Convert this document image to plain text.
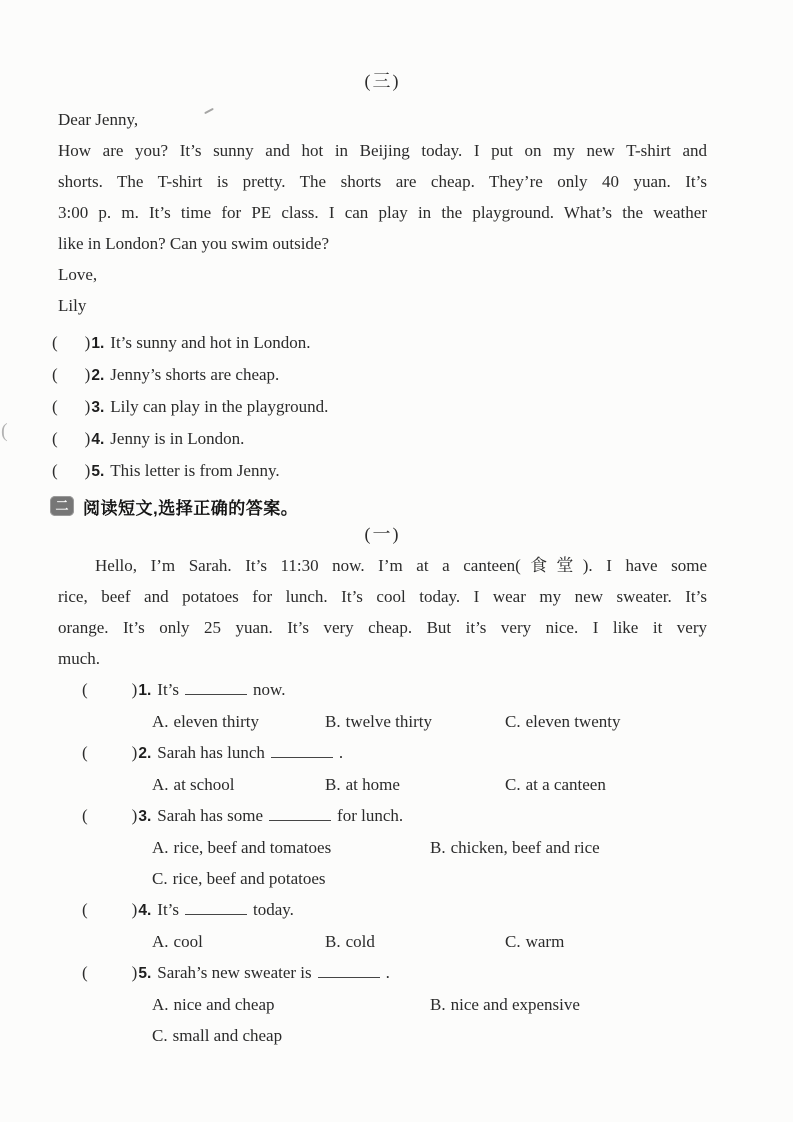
(
(三)
Dear Jenny,
How are you? It’s sunny and hot in Beijing today. I put on my new T-shirt and
shorts. The T-shirt is pretty. The shorts are cheap. They’re only 40 yuan. It’s
3:00 p. m. It’s time for PE class. I can play in the playground. What’s the weather
like in London? Can you swim outside?
Love,
Lily
( )1. It’s sunny and hot in London.
( )2. Jenny’s shorts are cheap.
( )3. Lily can play in the playground.
( )4. Jenny is in London.
( )5. This letter is from Jenny.
二 阅读短文,选择正确的答案。
(一)
Hello, I’m Sarah. It’s 11:30 now. I’m at a canteen(食堂). I have some
rice, beef and potatoes for lunch. It’s cool today. I wear my new sweater. It’s
orange. It’s only 25 yuan. It’s very cheap. But it’s very nice. I like it very
much.
(	)1. It’s	now.
A. eleven thirty	B. twelve thirty	C. eleven twenty
(	)2. Sarah has lunch	.
A. at school	B. at home	C. at a canteen
(	)3. Sarah has some	for lunch.
A. rice, beef and tomatoes	B. chicken, beef and rice
C. rice, beef and potatoes
(	)4. It’s	today.
A. cool	B. cold	C. warm
(	)5. Sarah’s new sweater is	.
A. nice and cheap	B. nice and expensive
C. small and cheap
